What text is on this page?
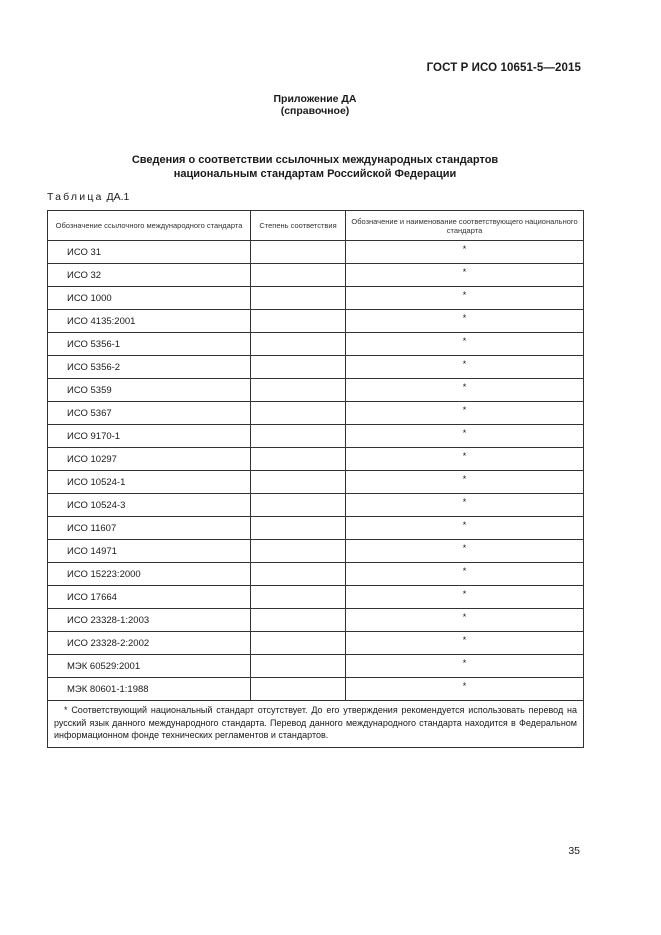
ГОСТ Р ИСО 10651-5—2015
Приложение ДА
(справочное)
Сведения о соответствии ссылочных международных стандартов
национальным стандартам Российской Федерации
Таблица ДА.1
Обозначение ссылочного международного стандарта	Степень соответствия	Обозначение и наименование соответствующего национального стандарта
ИСО 31		*
ИСО 32		*
ИСО 1000		*
ИСО 4135:2001		*
ИСО 5356-1		*
ИСО 5356-2		*
ИСО 5359		*
ИСО 5367		*
ИСО 9170-1		*
ИСО 10297		*
ИСО 10524-1		*
ИСО 10524-3		*
ИСО 11607		*
ИСО 14971		*
ИСО 15223:2000		*
ИСО 17664		*
ИСО 23328-1:2003		*
ИСО 23328-2:2002		*
МЭК 60529:2001		*
МЭК 80601-1:1988		*
* Соответствующий национальный стандарт отсутствует. До его утверждения рекомендуется использовать перевод на русский язык данного международного стандарта. Перевод данного международного стандарта находится в Федеральном информационном фонде технических регламентов и стандартов.		
35
